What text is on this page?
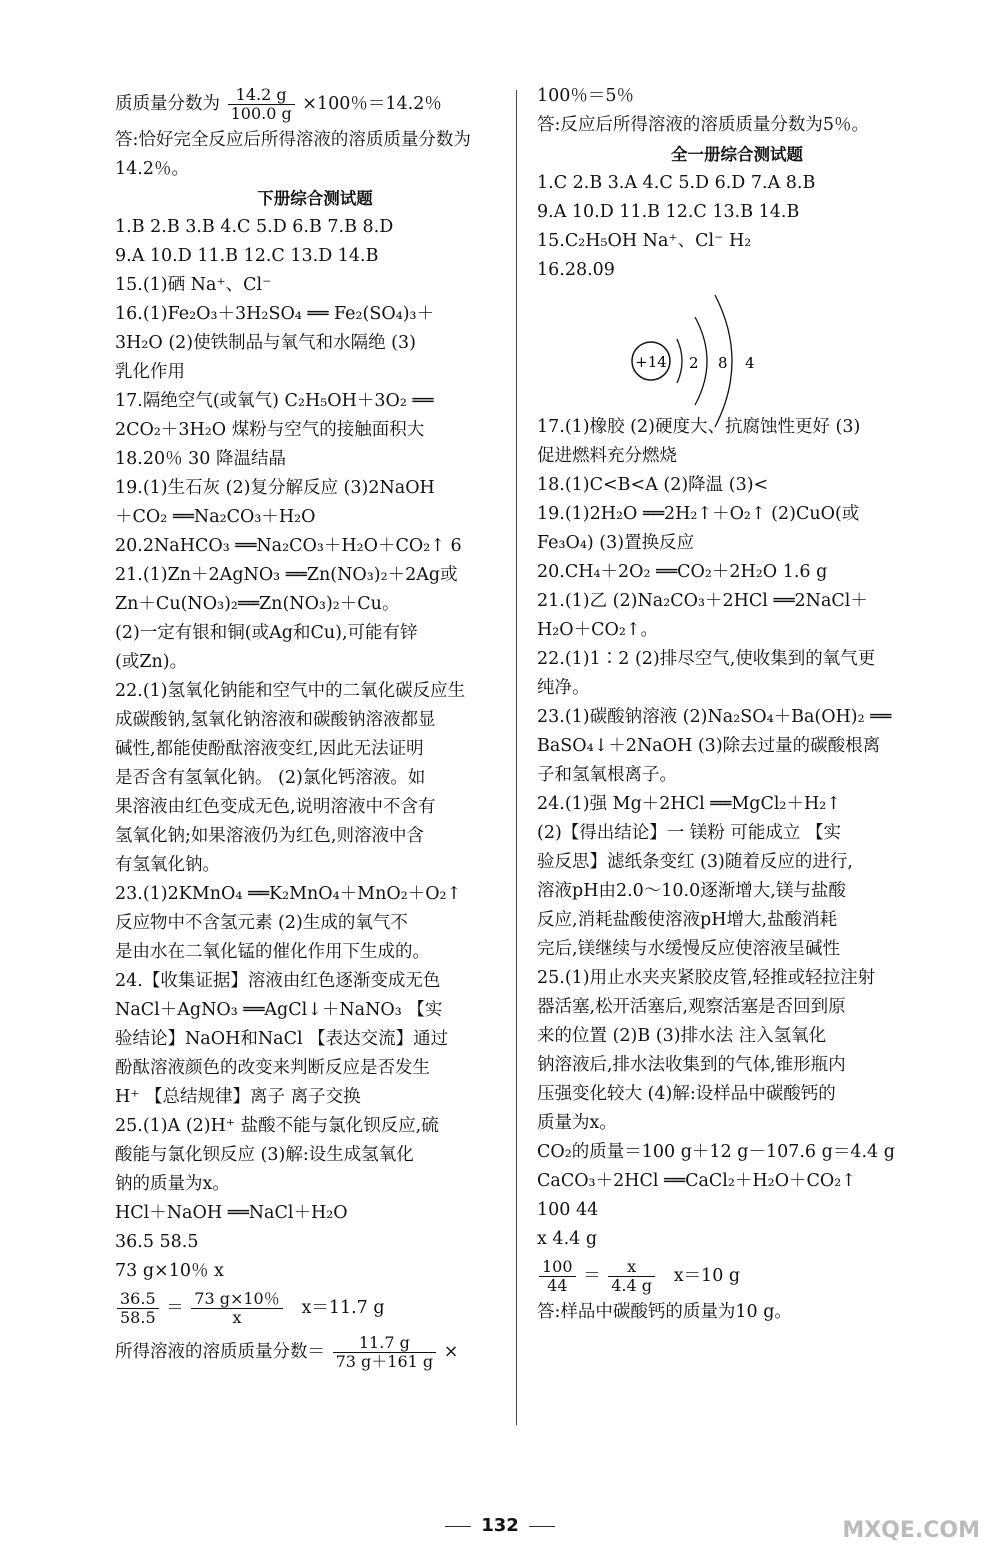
质质量分数为 $\frac{14.2 g}{100.0 g} \times 100$％＝14.2％
答:恰好完全反应后所得溶液的溶质质量分数为
14.2％。
下册综合测试题
1.B 2.B 3.B 4.C 5.D 6.B 7.B 8.D
9.A 10.D 11.B 12.C 13.D 14.B
15.(1)硒 Na⁺、Cl⁻
16.(1)Fe₂O₃＋3H₂SO₄ ══ Fe₂(SO₄)₃＋
3H₂O (2)使铁制品与氧气和水隔绝 (3)
乳化作用
17.隔绝空气(或氧气) C₂H₅OH＋3O₂ ══
2CO₂＋3H₂O 煤粉与空气的接触面积大
18.20％ 30 降温结晶
19.(1)生石灰 (2)复分解反应 (3)2NaOH
＋CO₂ ══Na₂CO₃＋H₂O
20.2NaHCO₃ ══Na₂CO₃＋H₂O＋CO₂↑ 6
21.(1)Zn＋2AgNO₃ ══Zn(NO₃)₂＋2Ag或
Zn＋Cu(NO₃)₂══Zn(NO₃)₂＋Cu。
(2)一定有银和铜(或Ag和Cu),可能有锌
(或Zn)。
22.(1)氢氧化钠能和空气中的二氧化碳反应生
成碳酸钠,氢氧化钠溶液和碳酸钠溶液都显
碱性,都能使酚酞溶液变红,因此无法证明
是否含有氢氧化钠。 (2)氯化钙溶液。如
果溶液由红色变成无色,说明溶液中不含有
氢氧化钠;如果溶液仍为红色,则溶液中含
有氢氧化钠。
23.(1)2KMnO₄ ══K₂MnO₄＋MnO₂＋O₂↑
反应物中不含氢元素 (2)生成的氧气不
是由水在二氧化锰的催化作用下生成的。
24.【收集证据】溶液由红色逐渐变成无色
NaCl＋AgNO₃ ══AgCl↓＋NaNO₃ 【实
验结论】NaOH和NaCl 【表达交流】通过
酚酞溶液颜色的改变来判断反应是否发生
H⁺ 【总结规律】离子 离子交换
25.(1)A (2)H⁺ 盐酸不能与氯化钡反应,硫
酸能与氯化钡反应 (3)解:设生成氢氧化
钠的质量为x。
HCl＋NaOH ══NaCl＋H₂O
36.5 58.5
73 g×10％ x
$\frac{36.5}{58.5} = \frac{73 g\times 10\%}{x} x=11.7$ g
所得溶液的溶质质量分数＝ $\frac{11.7 g}{73 g+161 g}$ ×
100％＝5％
答:反应后所得溶液的溶质质量分数为5％。
全一册综合测试题
1.C 2.B 3.A 4.C 5.D 6.D 7.A 8.B
9.A 10.D 11.B 12.C 13.B 14.B
15.C₂H₅OH Na⁺、Cl⁻ H₂
16.28.09
+14 2 8 4
17.(1)橡胶 (2)硬度大、抗腐蚀性更好 (3)
促进燃料充分燃烧
18.(1)C<B<A (2)降温 (3)<
19.(1)2H₂O ══2H₂↑＋O₂↑ (2)CuO(或
Fe₃O₄) (3)置换反应
20.CH₄＋2O₂ ══CO₂＋2H₂O 1.6 g
21.(1)乙 (2)Na₂CO₃＋2HCl ══2NaCl＋
H₂O＋CO₂↑。
22.(1)1∶2 (2)排尽空气,使收集到的氧气更
纯净。
23.(1)碳酸钠溶液 (2)Na₂SO₄＋Ba(OH)₂ ══
BaSO₄↓＋2NaOH (3)除去过量的碳酸根离
子和氢氧根离子。
24.(1)强 Mg＋2HCl ══MgCl₂＋H₂↑
(2)【得出结论】一 镁粉 可能成立 【实
验反思】滤纸条变红 (3)随着反应的进行,
溶液pH由2.0～10.0逐渐增大,镁与盐酸
反应,消耗盐酸使溶液pH增大,盐酸消耗
完后,镁继续与水缓慢反应使溶液呈碱性
25.(1)用止水夹夹紧胶皮管,轻推或轻拉注射
器活塞,松开活塞后,观察活塞是否回到原
来的位置 (2)B (3)排水法 注入氢氧化
钠溶液后,排水法收集到的气体,锥形瓶内
压强变化较大 (4)解:设样品中碳酸钙的
质量为x。
CO₂的质量＝100 g＋12 g－107.6 g＝4.4 g
CaCO₃＋2HCl ══CaCl₂＋H₂O＋CO₂↑
100 44
x 4.4 g
$\frac{100}{44} = \frac{x}{4.4 g} x=10$ g
答:样品中碳酸钙的质量为10 g。
132	MXQE.COM
